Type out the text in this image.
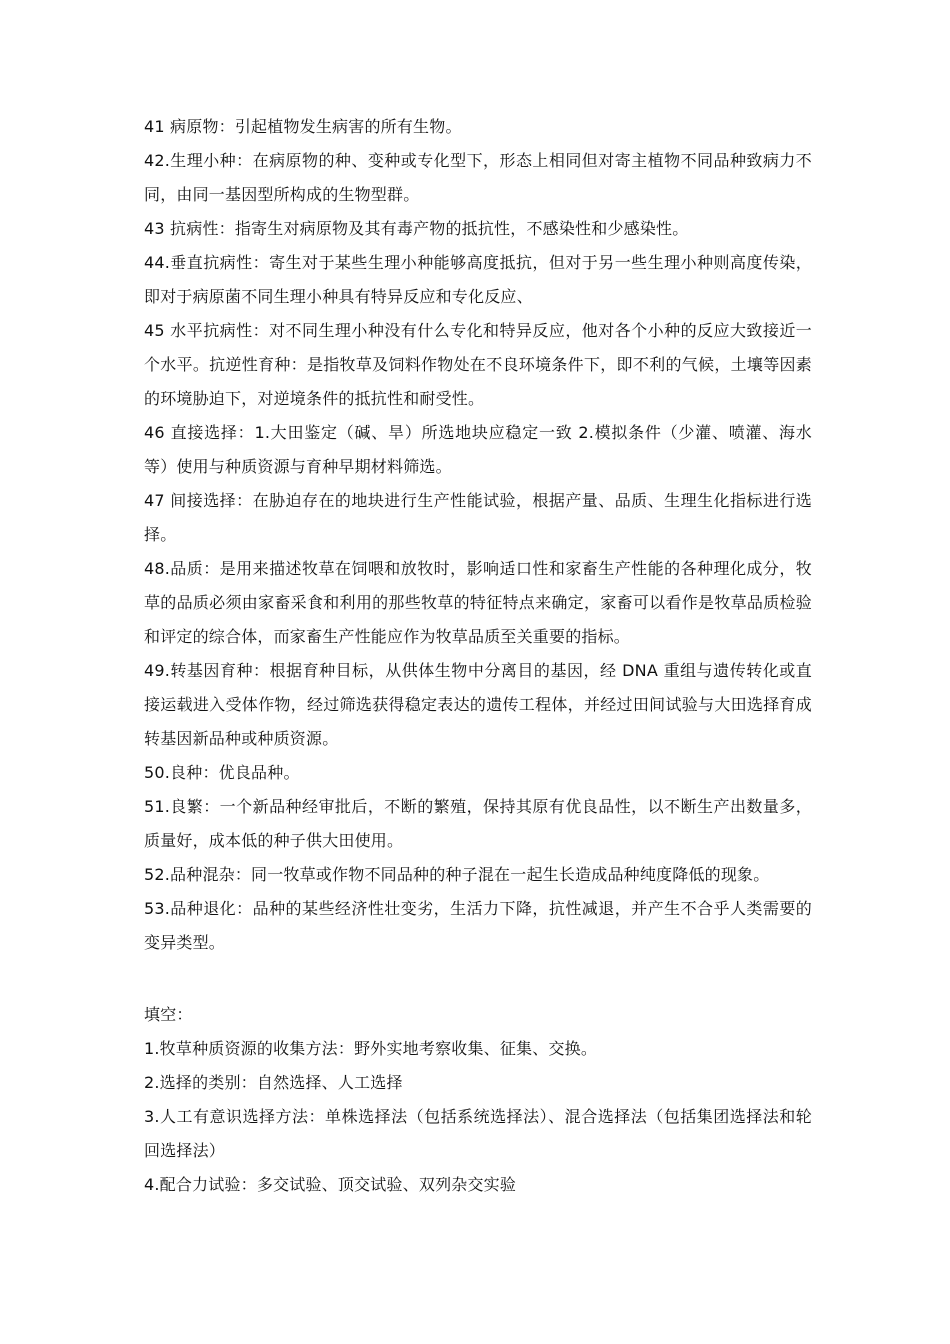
41 病原物：引起植物发生病害的所有生物。

42.生理小种：在病原物的种、变种或专化型下，形态上相同但对寄主植物不同品种致病力不同，由同一基因型所构成的生物型群。

43 抗病性：指寄生对病原物及其有毒产物的抵抗性，不感染性和少感染性。

44.垂直抗病性：寄生对于某些生理小种能够高度抵抗，但对于另一些生理小种则高度传染，即对于病原菌不同生理小种具有特异反应和专化反应、

45 水平抗病性：对不同生理小种没有什么专化和特异反应，他对各个小种的反应大致接近一个水平。抗逆性育种：是指牧草及饲料作物处在不良环境条件下，即不利的气候，土壤等因素的环境胁迫下，对逆境条件的抵抗性和耐受性。

46 直接选择：1.大田鉴定（碱、旱）所选地块应稳定一致 2.模拟条件（少灌、喷灌、海水等）使用与种质资源与育种早期材料筛选。

47 间接选择：在胁迫存在的地块进行生产性能试验，根据产量、品质、生理生化指标进行选择。

48.品质：是用来描述牧草在饲喂和放牧时，影响适口性和家畜生产性能的各种理化成分，牧草的品质必须由家畜采食和利用的那些牧草的特征特点来确定，家畜可以看作是牧草品质检验和评定的综合体，而家畜生产性能应作为牧草品质至关重要的指标。

49.转基因育种：根据育种目标，从供体生物中分离目的基因，经 DNA 重组与遗传转化或直接运载进入受体作物，经过筛选获得稳定表达的遗传工程体，并经过田间试验与大田选择育成转基因新品种或种质资源。

50.良种：优良品种。

51.良繁：一个新品种经审批后，不断的繁殖，保持其原有优良品性，以不断生产出数量多，质量好，成本低的种子供大田使用。

52.品种混杂：同一牧草或作物不同品种的种子混在一起生长造成品种纯度降低的现象。

53.品种退化：品种的某些经济性壮变劣，生活力下降，抗性减退，并产生不合乎人类需要的变异类型。

填空：

1.牧草种质资源的收集方法：野外实地考察收集、征集、交换。

2.选择的类别：自然选择、人工选择

3.人工有意识选择方法：单株选择法（包括系统选择法）、混合选择法（包括集团选择法和轮回选择法）

4.配合力试验：多交试验、顶交试验、双列杂交实验
